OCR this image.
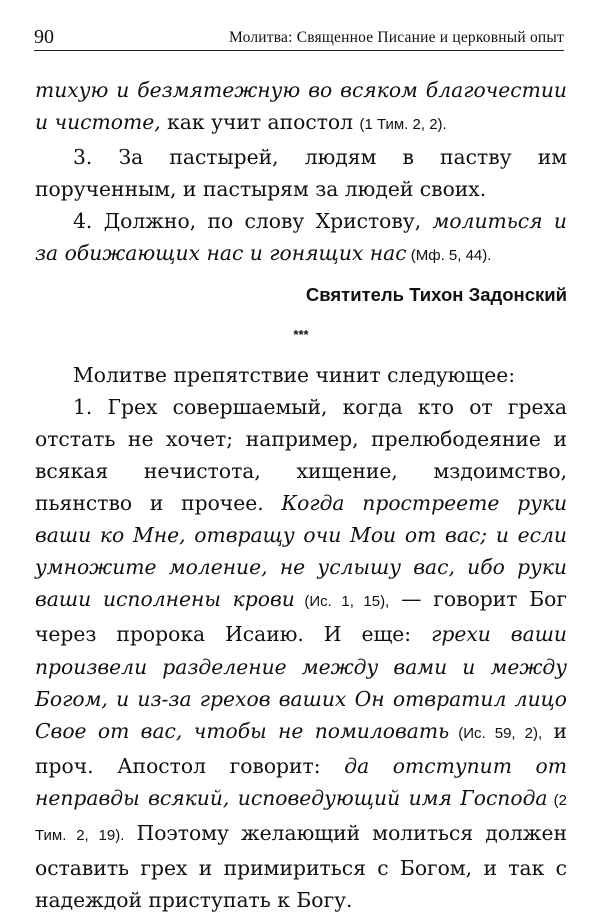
90	Молитва: Священное Писание и церковный опыт

тихую и безмятежную во всяком благочестии и чистоте, как учит апостол (1 Тим. 2, 2).

3. За пастырей, людям в паству им порученным, и пастырям за людей своих.

4. Должно, по слову Христову, молиться и за обижающих нас и гонящих нас (Мф. 5, 44).

Святитель Тихон Задонский

***

Молитве препятствие чинит следующее:

1. Грех совершаемый, когда кто от греха отстать не хочет; например, прелюбодеяние и всякая нечистота, хищение, мздоимство, пьянство и прочее. Когда простреете руки ваши ко Мне, отвращу очи Мои от вас; и если умножите моление, не услышу вас, ибо руки ваши исполнены крови (Ис. 1, 15), — говорит Бог через пророка Исаию. И еще: грехи ваши произвели разделение между вами и между Богом, и из-за грехов ваших Он отвратил лицо Свое от вас, чтобы не помиловать (Ис. 59, 2), и проч. Апостол говорит: да отступит от неправды всякий, исповедующий имя Господа (2 Тим. 2, 19). Поэтому желающий молиться должен оставить грех и примириться с Богом, и так с надеждой приступать к Богу.
